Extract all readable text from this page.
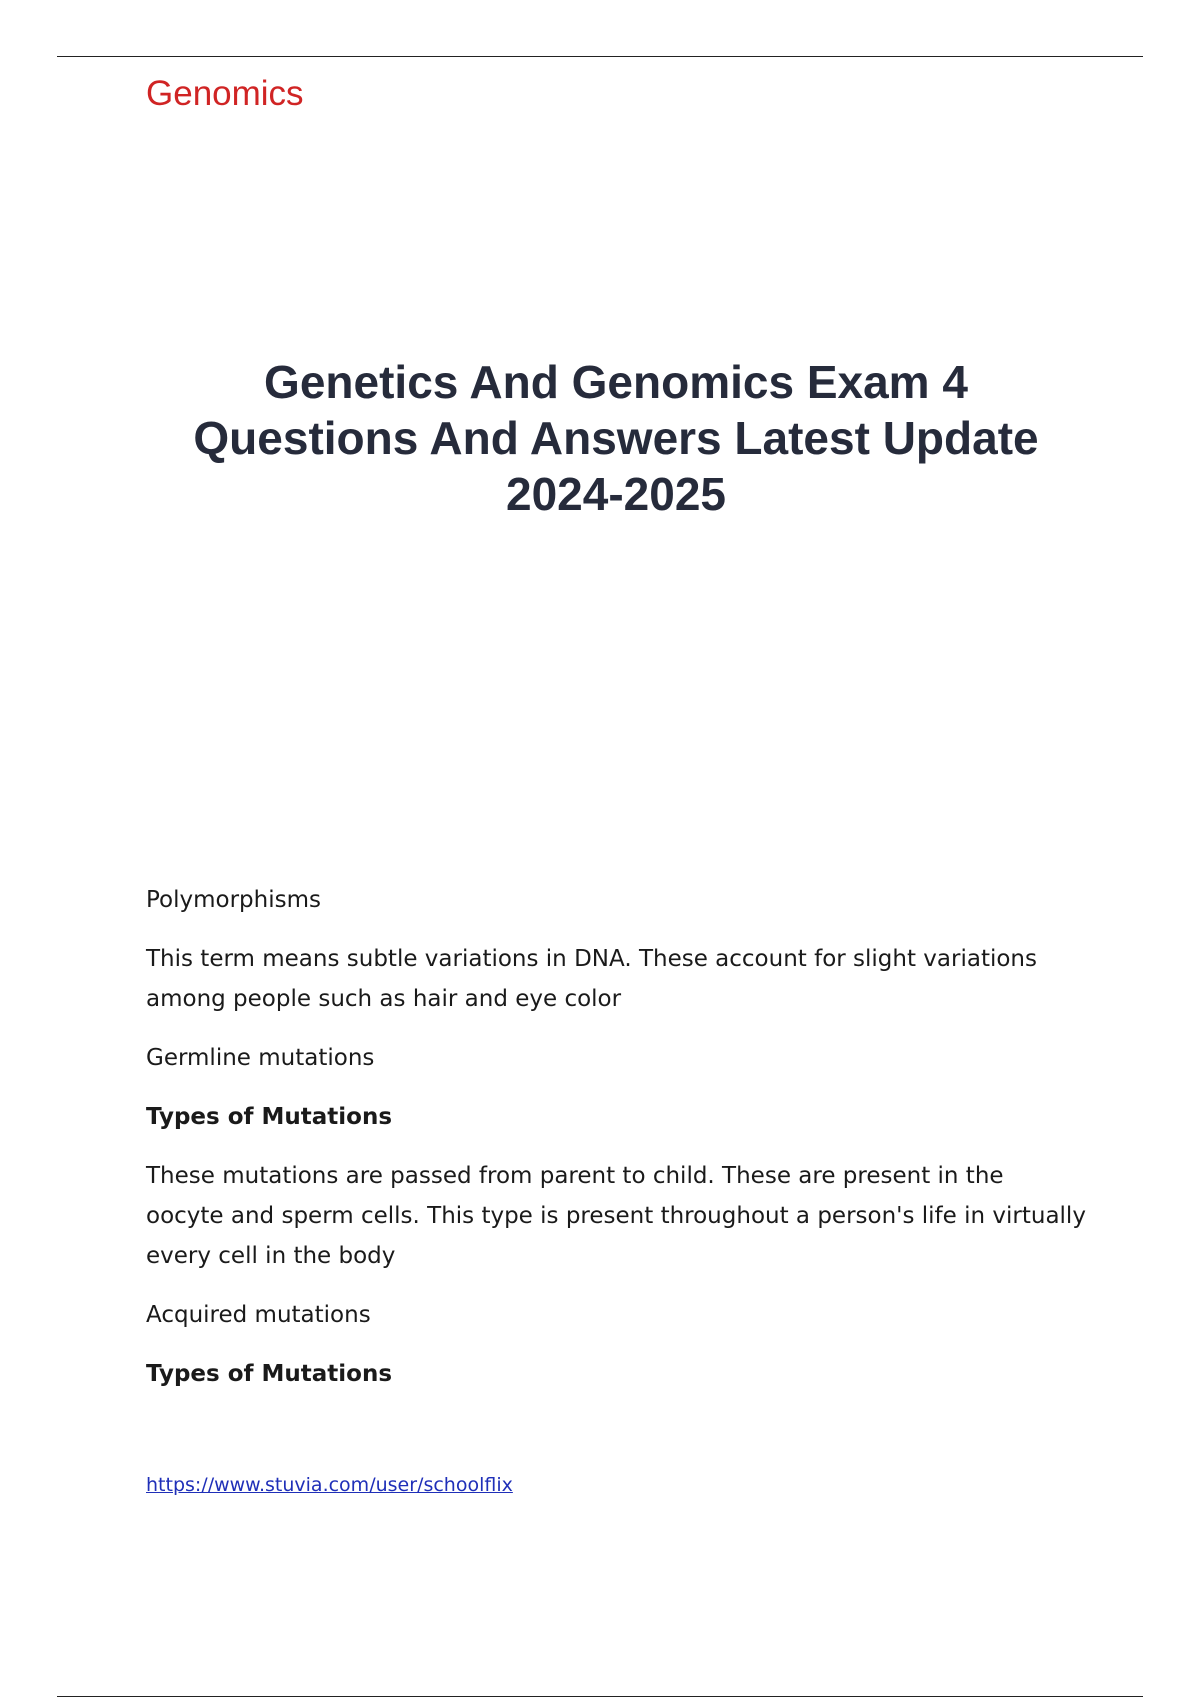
Genomics
Genetics And Genomics Exam 4
Questions And Answers Latest Update
2024-2025

Polymorphisms

This term means subtle variations in DNA. These account for slight variations among people such as hair and eye color

Germline mutations

Types of Mutations

These mutations are passed from parent to child. These are present in the oocyte and sperm cells. This type is present throughout a person's life in virtually every cell in the body

Acquired mutations

Types of Mutations

https://www.stuvia.com/user/schoolflix
